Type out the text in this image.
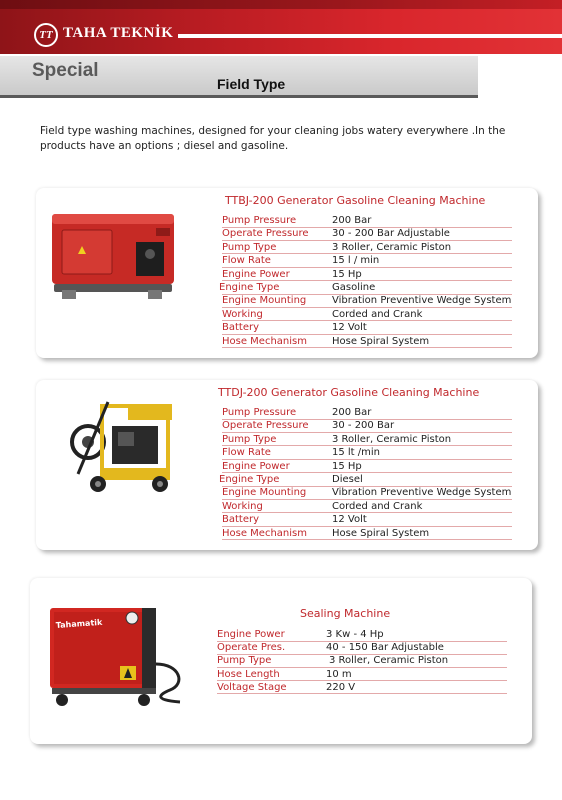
TT TAHA TEKNİK
Special
Field Type
Field type washing machines, designed for your cleaning jobs watery everywhere .In the products have an options ; diesel and gasoline.
TTBJ-200 Generator Gasoline Cleaning Machine
Pump Pressure	200 Bar
Operate Pressure 30 - 200 Bar Adjustable
Pump Type	3 Roller, Ceramic Piston
Flow Rate	15 l / min
Engine Power	15 Hp
Engine Type	Gasoline
Engine Mounting	Vibration Preventive Wedge System
Working	Corded and Crank
Battery	12 Volt
Hose Mechanism	Hose Spiral System
TTDJ-200 Generator Gasoline Cleaning Machine
Pump Pressure	200 Bar
Operate Pressure 30 - 200 Bar
Pump Type	3 Roller, Ceramic Piston
Flow Rate	15 lt /min
Engine Power	15 Hp
Engine Type	Diesel
Engine Mounting	Vibration Preventive Wedge System
Working	Corded and Crank
Battery	12 Volt
Hose Mechanism	Hose Spiral System
Tahamatik
Sealing Machine
Engine Power	3 Kw - 4 Hp
Operate Pres.	40 - 150 Bar Adjustable
Pump Type	3 Roller, Ceramic Piston
Hose Length	10 m
Voltage Stage	220 V
